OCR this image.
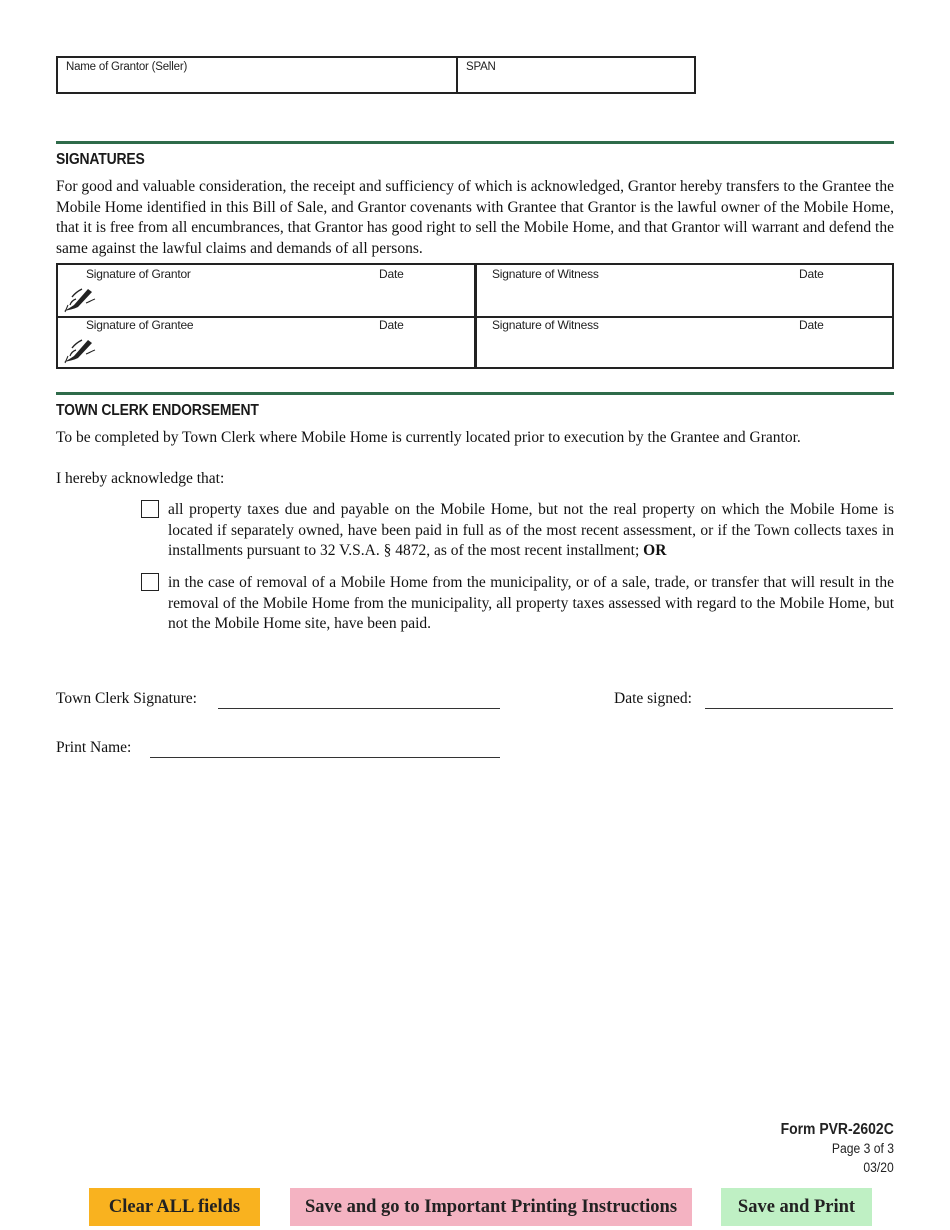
Name of Grantor (Seller)	SPAN
SIGNATURES
For good and valuable consideration, the receipt and sufficiency of which is acknowledged, Grantor hereby transfers to the Grantee the Mobile Home identified in this Bill of Sale, and Grantor covenants with Grantee that Grantor is the lawful owner of the Mobile Home, that it is free from all encumbrances, that Grantor has good right to sell the Mobile Home, and that Grantor will warrant and defend the same against the lawful claims and demands of all persons.
Signature of Grantor	Date	Signature of Witness	Date
Signature of Grantee	Date	Signature of Witness	Date
TOWN CLERK ENDORSEMENT
To be completed by Town Clerk where Mobile Home is currently located prior to execution by the Grantee and Grantor.
I hereby acknowledge that:
all property taxes due and payable on the Mobile Home, but not the real property on which the Mobile Home is located if separately owned, have been paid in full as of the most recent assessment, or if the Town collects taxes in installments pursuant to 32 V.S.A. § 4872, as of the most recent installment; OR
in the case of removal of a Mobile Home from the municipality, or of a sale, trade, or transfer that will result in the removal of the Mobile Home from the municipality, all property taxes assessed with regard to the Mobile Home, but not the Mobile Home site, have been paid.
Town Clerk Signature:	Date signed:
Print Name:
Form PVR-2602C
Page 3 of 3
03/20
Clear ALL fields	Save and go to Important Printing Instructions	Save and Print
